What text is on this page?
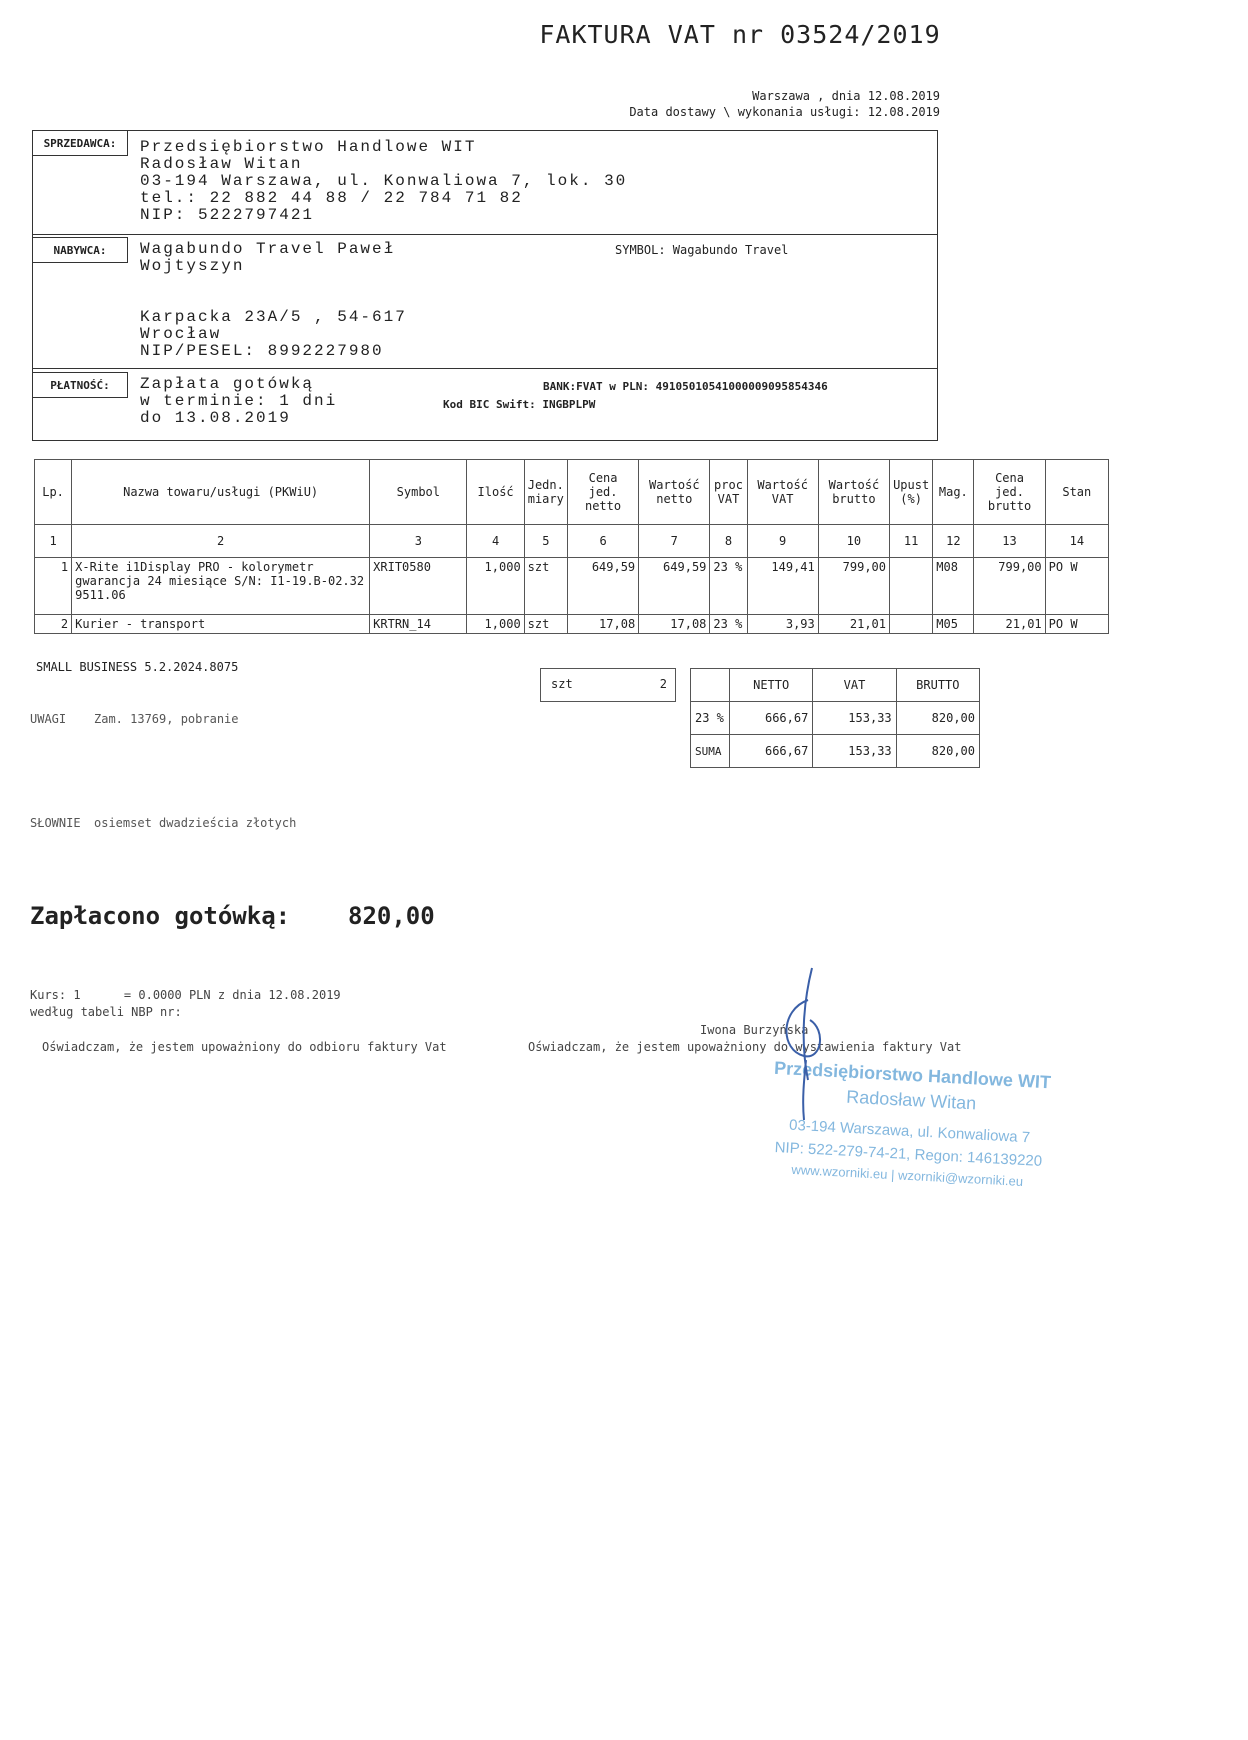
FAKTURA VAT nr 03524/2019
Warszawa , dnia 12.08.2019
Data dostawy \ wykonania usługi: 12.08.2019
SPRZEDAWCA:	Przedsiębiorstwo Handlowe WIT
Radosław Witan
03-194 Warszawa, ul. Konwaliowa 7, lok. 30
tel.: 22 882 44 88 / 22 784 71 82
NIP: 5222797421
NABYWCA:	Wagabundo Travel Paweł
Wojtyszyn
SYMBOL: Wagabundo Travel
Karpacka 23A/5 , 54-617
Wrocław
NIP/PESEL: 8992227980
PŁATNOŚĆ:	Zapłata gotówką
w terminie: 1 dni
do 13.08.2019
BANK:FVAT w PLN: 49105010541000009095854346
Kod BIC Swift: INGBPLPW
Lp.	Nazwa towaru/usługi (PKWiU)	Symbol	Ilość	Jedn. miary	Cena jed. netto	Wartość netto	proc VAT	Wartość VAT	Wartość brutto	Upust (%)	Mag.	Cena jed. brutto	Stan
1	2	3	4	5	6	7	8	9	10	11	12	13	14
1	X-Rite i1Display PRO - kolorymetr gwarancja 24 miesiące S/N: I1-19.B-02.32 9511.06	XRIT0580	1,000	szt	649,59	649,59	23 %	149,41	799,00		M08	799,00	PO W
2	Kurier - transport	KRTRN_14	1,000	szt	17,08	17,08	23 %	3,93	21,01		M05	21,01	PO W
SMALL BUSINESS 5.2.2024.8075
szt	2
		NETTO	VAT	BRUTTO
23 %	666,67	153,33	820,00
SUMA	666,67	153,33	820,00
UWAGI Zam. 13769, pobranie
SŁOWNIE osiemset dwadzieścia złotych
Zapłacono gotówką: 820,00
Kurs: 1      = 0.0000 PLN z dnia 12.08.2019
według tabeli NBP nr:
Iwona Burzyńska
Oświadczam, że jestem upoważniony do odbioru faktury Vat	Oświadczam, że jestem upoważniony do wystawienia faktury Vat
Przedsiębiorstwo Handlowe WIT
Radosław Witan
03-194 Warszawa, ul. Konwaliowa 7
NIP: 522-279-74-21, Regon: 146139220
www.wzorniki.eu | wzorniki@wzorniki.eu
